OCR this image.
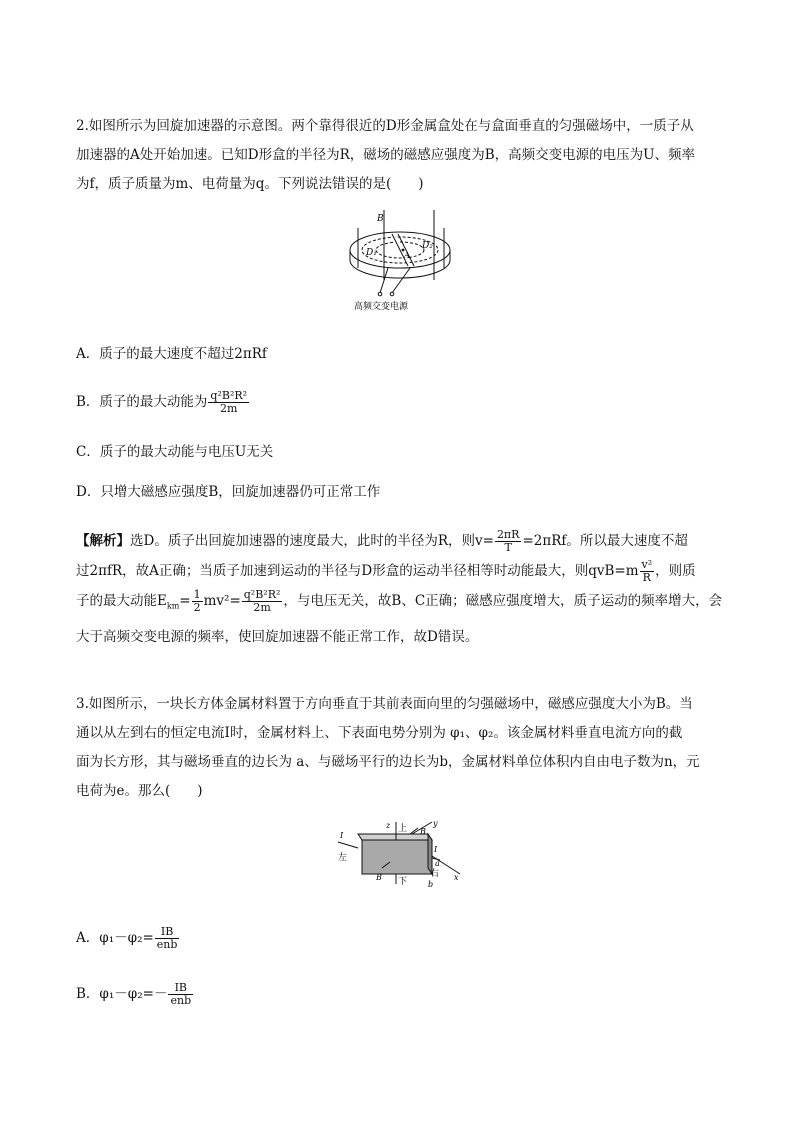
2.如图所示为回旋加速器的示意图。两个靠得很近的D形金属盒处在与盒面垂直的匀强磁场中，一质子从
加速器的A处开始加速。已知D形盒的半径为R，磁场的磁感应强度为B，高频交变电源的电压为U、频率
为f，质子质量为m、电荷量为q。下列说法错误的是(　　)

B
D₁
D₂
A
高频交变电源
A．质子的最大速度不超过2πRf
B．质子的最大动能为 $\frac{\text{q²B²R²}}{2m}$
C．质子的最大动能与电压U无关
D．只增大磁感应强度B，回旋加速器仍可正常工作
【解析】选D。质子出回旋加速器的速度最大，此时的半径为R，则$v= \frac{2\pi R}{T} =2\pi Rf$。所以最大速度不超
过2πfR，故A正确；当质子加速到运动的半径与D形盒的运动半径相等时动能最大，则$qvB=m \frac{\text{v²}}{R}$ ，则质
子的最大动能$E_{km}= \frac{1}{2} mv^2= \frac{\text{q²B²R²}}{2m}$ ，与电压无关，故B、C正确；磁感应强度增大，质子运动的频率增大，会
大于高频交变电源的频率，使回旋加速器不能正常工作，故D错误。

3.如图所示，一块长方体金属材料置于方向垂直于其前表面向里的匀强磁场中，磁感应强度大小为B。当
通以从左到右的恒定电流I时，金属材料上、下表面电势分别为 φ₁、φ₂。该金属材料垂直电流方向的截
面为长方形，其与磁场垂直的边长为 a、与磁场平行的边长为b，金属材料单位体积内自由电子数为n，元
电荷为e。那么(　　)

z 上
y
B
I
左
B 下
a
I
右
b
x
A．$\varphi_1-\varphi_2= \frac{IB}{\text{enb}}$
B．$\varphi_1-\varphi_2=- \frac{IB}{\text{enb}}$
